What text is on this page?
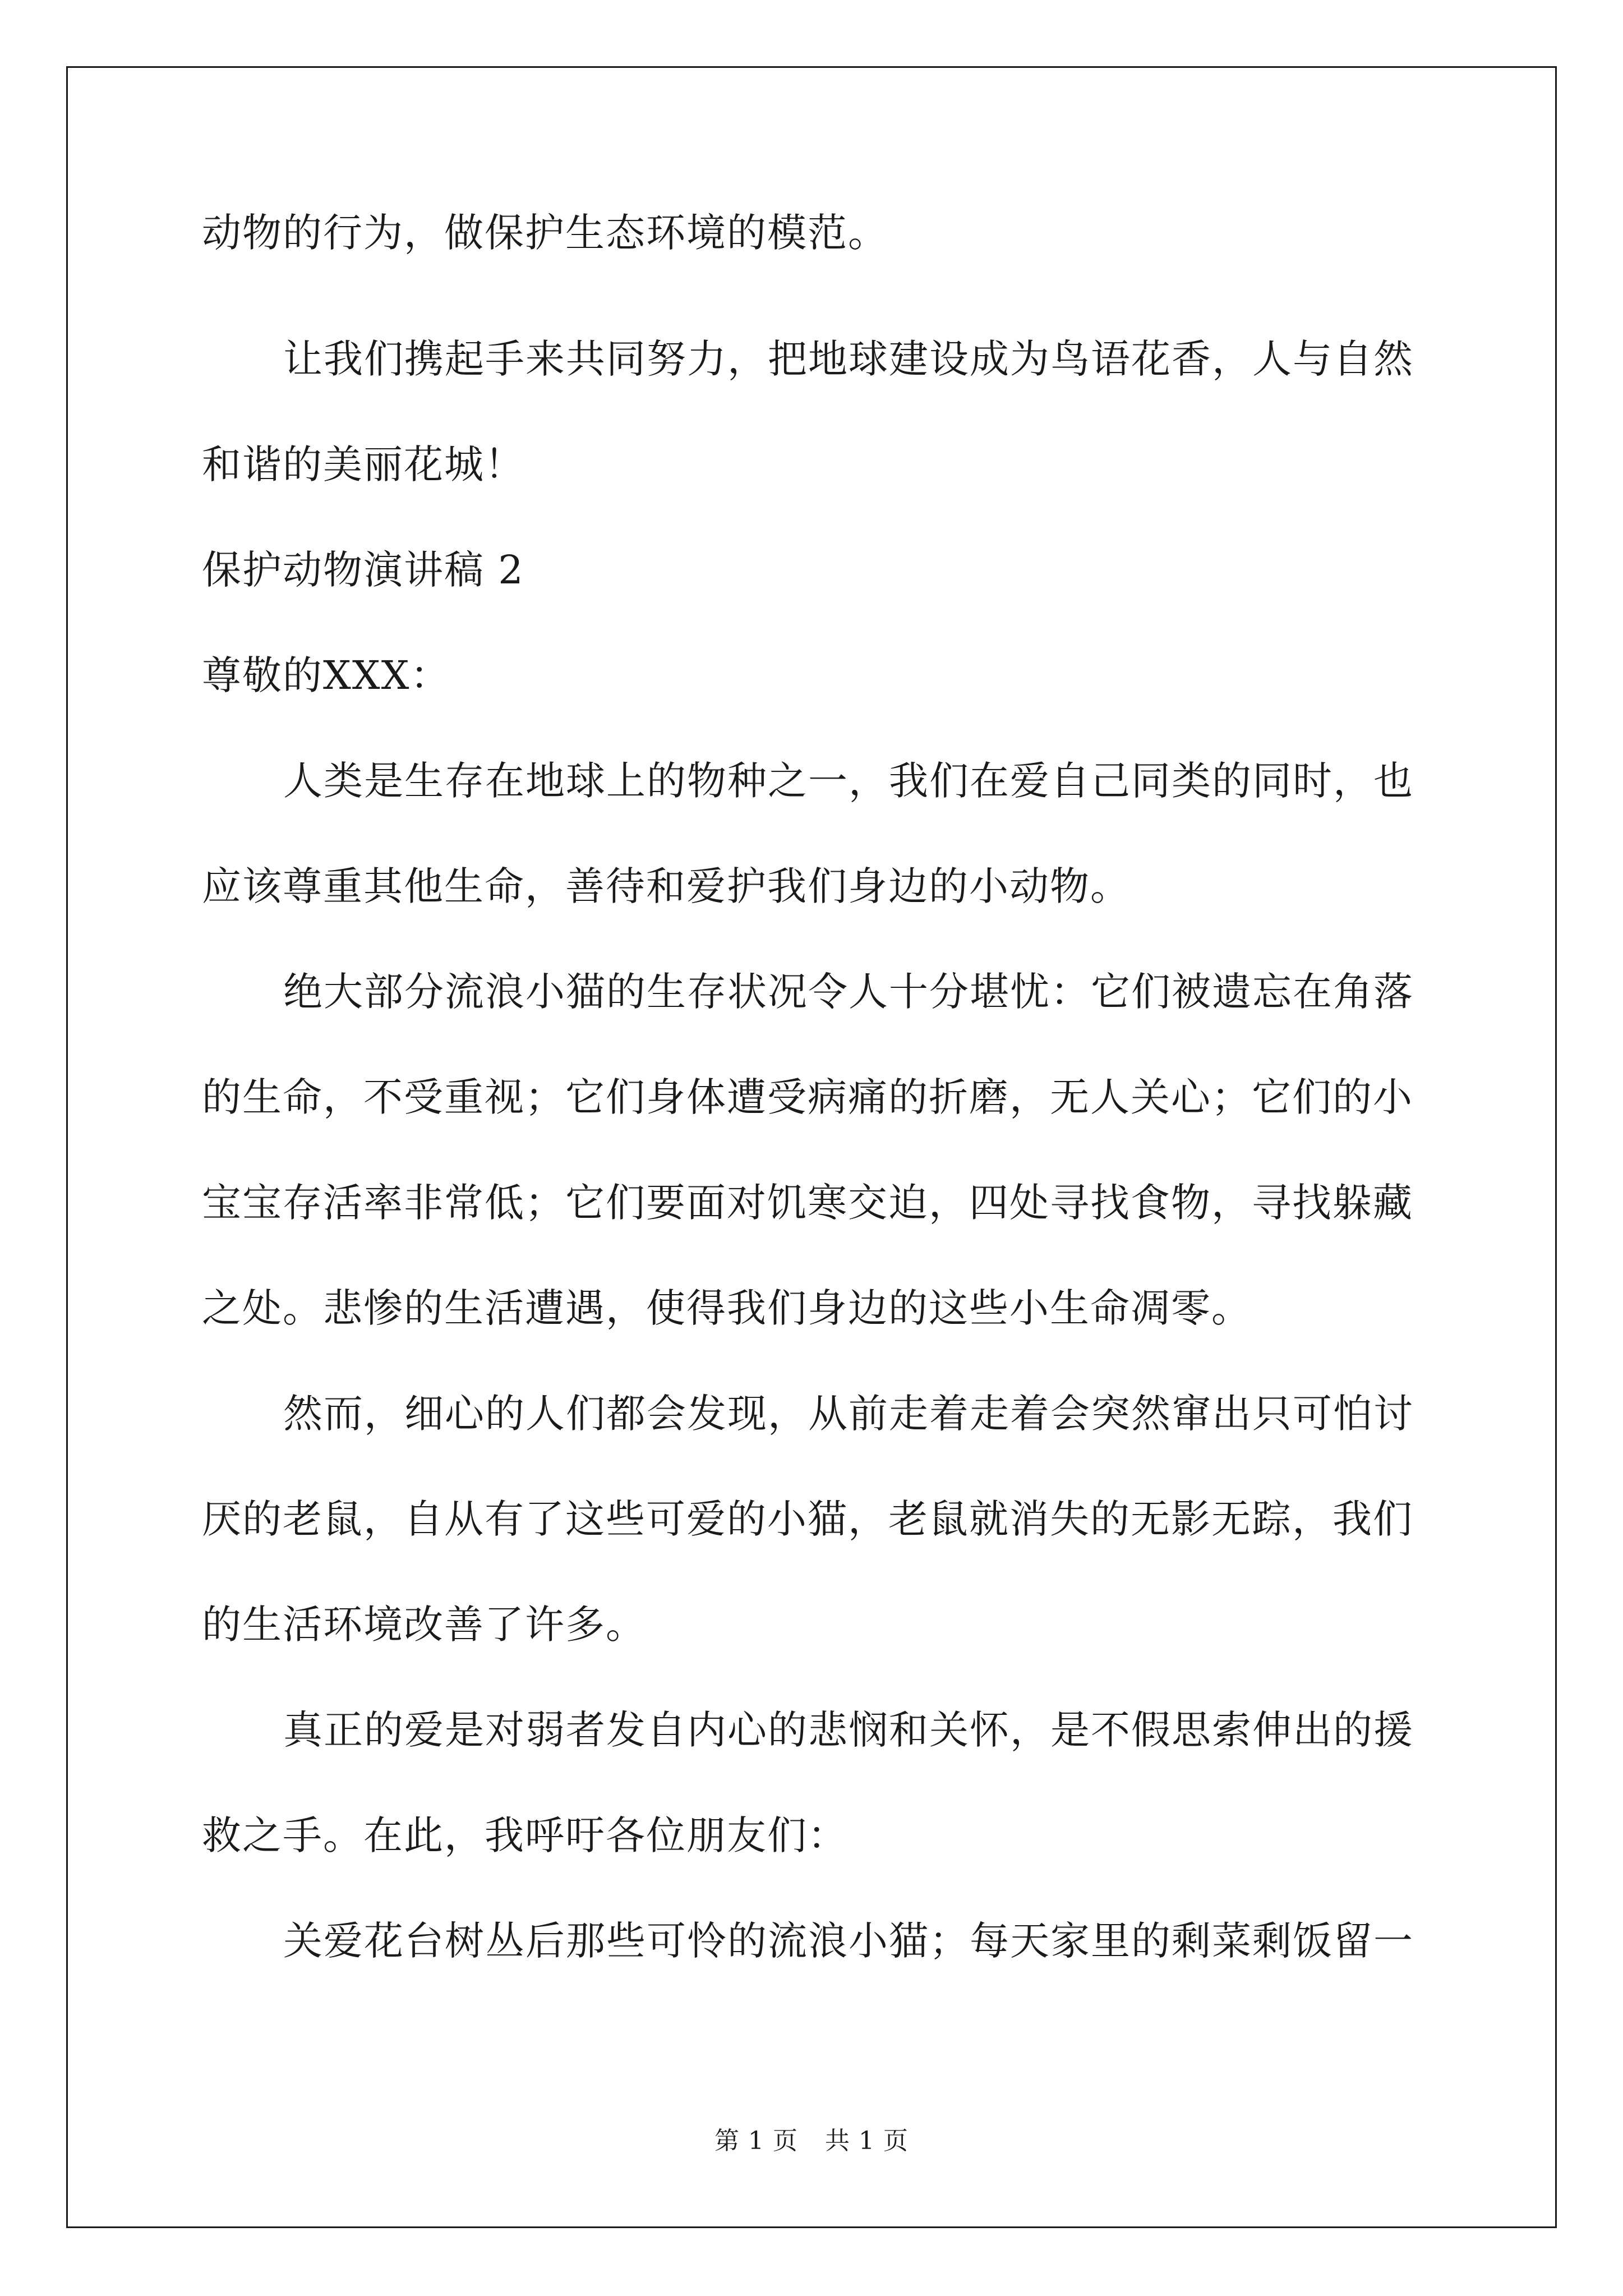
动物的行为，做保护生态环境的模范。
让我们携起手来共同努力，把地球建设成为鸟语花香，人与自然
和谐的美丽花城！
保护动物演讲稿 2
尊敬的XXX：
人类是生存在地球上的物种之一，我们在爱自己同类的同时，也
应该尊重其他生命，善待和爱护我们身边的小动物。
绝大部分流浪小猫的生存状况令人十分堪忧：它们被遗忘在角落
的生命，不受重视；它们身体遭受病痛的折磨，无人关心；它们的小
宝宝存活率非常低；它们要面对饥寒交迫，四处寻找食物，寻找躲藏
之处。悲惨的生活遭遇，使得我们身边的这些小生命凋零。
然而，细心的人们都会发现，从前走着走着会突然窜出只可怕讨
厌的老鼠，自从有了这些可爱的小猫，老鼠就消失的无影无踪，我们
的生活环境改善了许多。
真正的爱是对弱者发自内心的悲悯和关怀，是不假思索伸出的援
救之手。在此，我呼吁各位朋友们：
关爱花台树丛后那些可怜的流浪小猫；每天家里的剩菜剩饭留一
第 1 页 共 1 页
